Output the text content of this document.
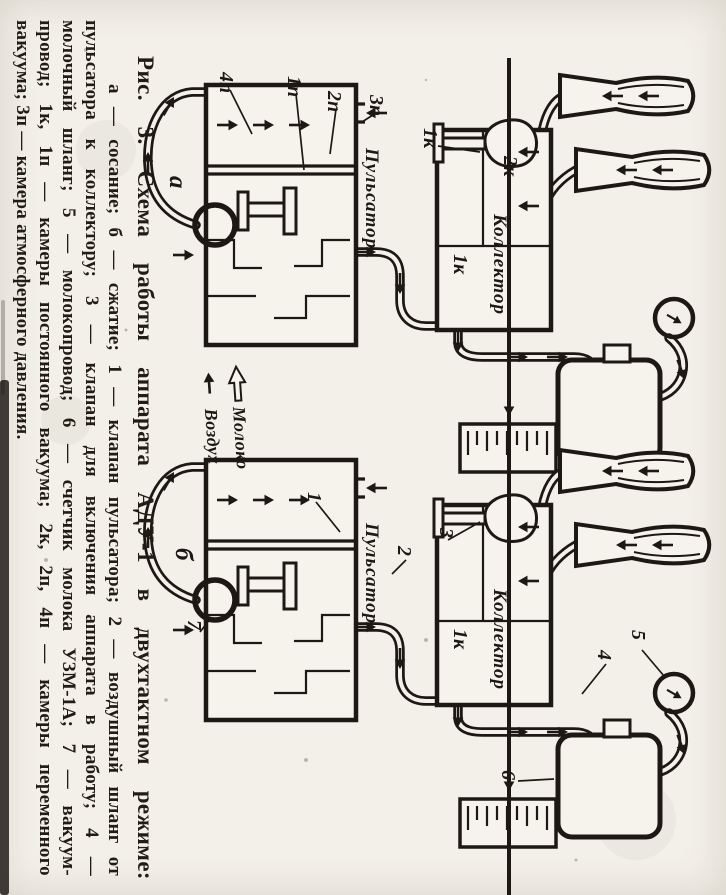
4п 1п
2п 3п
а	Пульсатор
1к
2к
1к Коллектор
1
2
3
4
5
6
7
б	Пульсатор
1к Коллектор
Молоко
Воздух
Рис. 3. Схема работы аппарата АДУ-1 в двухтактном режиме:
а — сосание; б — сжатие; 1 — клапан пульсатора; 2 — воздушный шланг от
пульсатора к коллектору; 3 — клапан для включения аппарата в работу; 4 —
молочный шланг; 5 — молокопровод; 6 — счетчик молока УЗМ-1А; 7 — вакуум-
провод; 1к, 1п — камеры постоянного вакуума; 2к, 2п, 4п — камеры переменного
вакуума; 3п — камера атмосферного давления.
